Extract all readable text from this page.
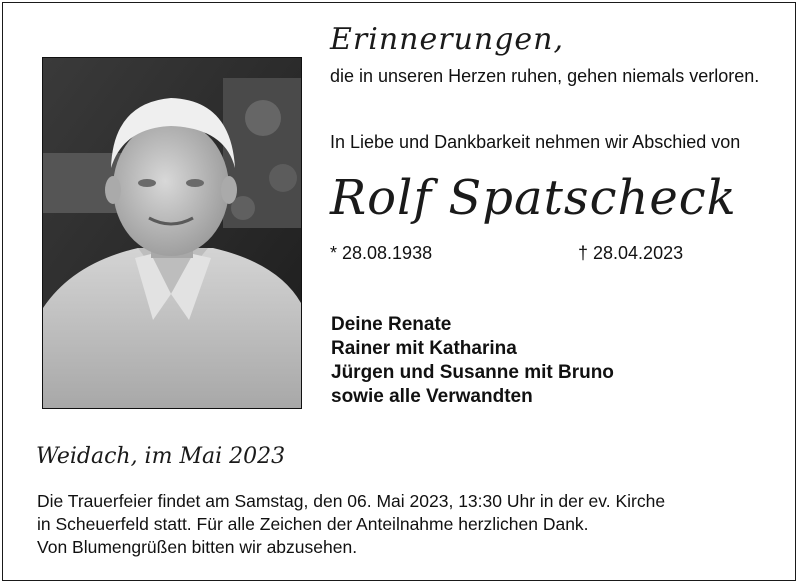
Erinnerungen,
die in unseren Herzen ruhen, gehen niemals verloren.
In Liebe und Dankbarkeit nehmen wir Abschied von
Rolf Spatscheck
* 28.08.1938	† 28.04.2023
Deine Renate
Rainer mit Katharina
Jürgen und Susanne mit Bruno
sowie alle Verwandten
Weidach, im Mai 2023
Die Trauerfeier findet am Samstag, den 06. Mai 2023, 13:30 Uhr in der ev. Kirche
in Scheuerfeld statt. Für alle Zeichen der Anteilnahme herzlichen Dank.
Von Blumengrüßen bitten wir abzusehen.
